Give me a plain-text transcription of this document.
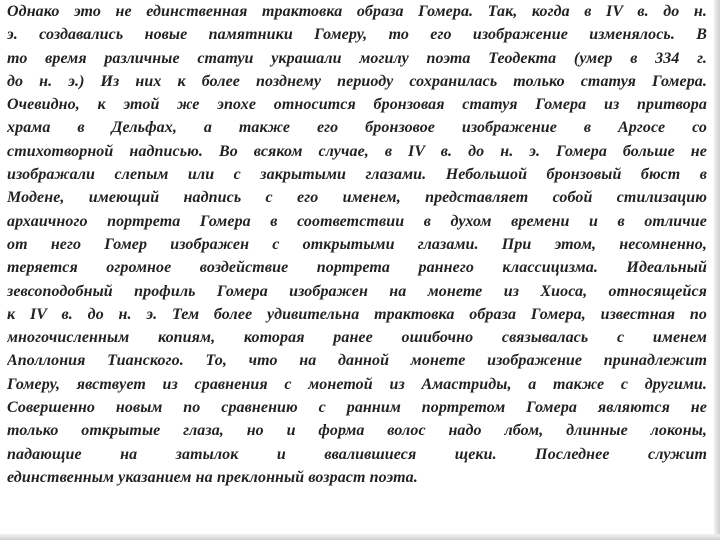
Однако это не единственная трактовка образа Гомера. Так, когда в IV в. до н.
э. создавались новые памятники Гомеру, то его изображение изменялось. В
то время различные статуи украшали могилу поэта Теодекта (умер в 334 г.
до н. э.) Из них к более позднему периоду сохранилась только статуя Гомера.
Очевидно, к этой же эпохе относится бронзовая статуя Гомера из притвора
храма в Дельфах, а также его бронзовое изображение в Аргосе со
стихотворной надписью. Во всяком случае, в IV в. до н. э. Гомера больше не
изображали слепым или с закрытыми глазами. Небольшой бронзовый бюст в
Модене, имеющий надпись с его именем, представляет собой стилизацию
архаичного портрета Гомера в соответствии в духом времени и в отличие
от него Гомер изображен с открытыми глазами. При этом, несомненно,
теряется огромное воздействие портрета раннего классицизма. Идеальный
зевсоподобный профиль Гомера изображен на монете из Хиоса, относящейся
к IV в. до н. э. Тем более удивительна трактовка образа Гомера, известная по
многочисленным копиям, которая ранее ошибочно связывалась с именем
Аполлония Тианского. То, что на данной монете изображение принадлежит
Гомеру, явствует из сравнения с монетой из Амастриды, а также с другими.
Совершенно новым по сравнению с ранним портретом Гомера являются не
только открытые глаза, но и форма волос надо лбом, длинные локоны,
падающие на затылок и ввалившиеся щеки. Последнее служит
единственным указанием на преклонный возраст поэта.
